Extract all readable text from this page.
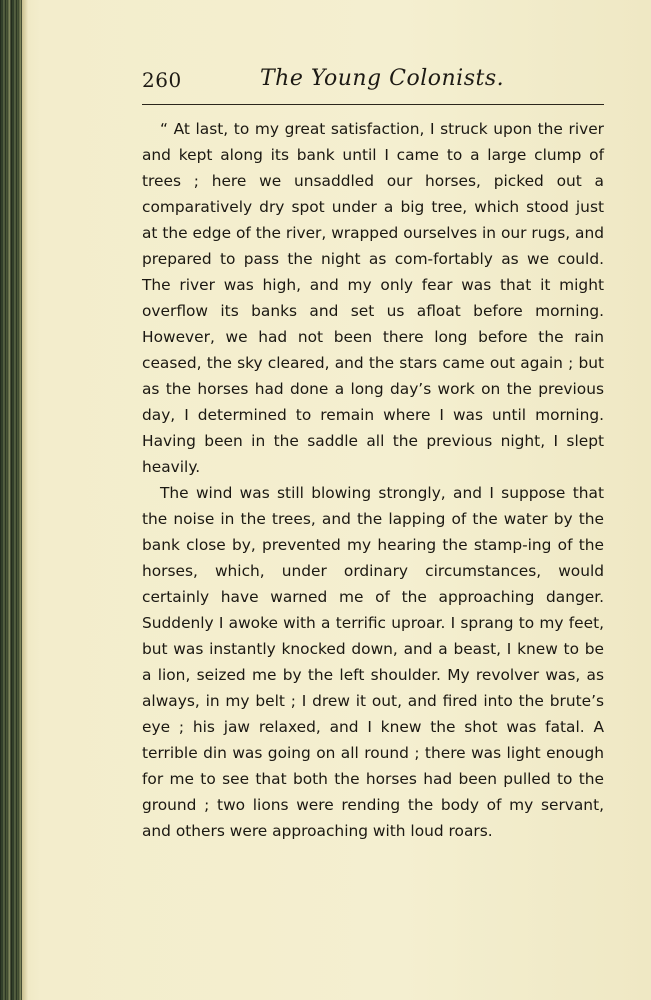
260	The Young Colonists.

“ At last, to my great satisfaction, I struck upon the river and kept along its bank until I came to a large clump of trees ; here we unsaddled our horses, picked out a comparatively dry spot under a big tree, which stood just at the edge of the river, wrapped ourselves in our rugs, and prepared to pass the night as com-fortably as we could. The river was high, and my only fear was that it might overflow its banks and set us afloat before morning. However, we had not been there long before the rain ceased, the sky cleared, and the stars came out again ; but as the horses had done a long day’s work on the previous day, I determined to remain where I was until morning. Having been in the saddle all the previous night, I slept heavily.

The wind was still blowing strongly, and I suppose that the noise in the trees, and the lapping of the water by the bank close by, prevented my hearing the stamp-ing of the horses, which, under ordinary circumstances, would certainly have warned me of the approaching danger. Suddenly I awoke with a terrific uproar. I sprang to my feet, but was instantly knocked down, and a beast, I knew to be a lion, seized me by the left shoulder. My revolver was, as always, in my belt ; I drew it out, and fired into the brute’s eye ; his jaw relaxed, and I knew the shot was fatal. A terrible din was going on all round ; there was light enough for me to see that both the horses had been pulled to the ground ; two lions were rending the body of my servant, and others were approaching with loud roars.
